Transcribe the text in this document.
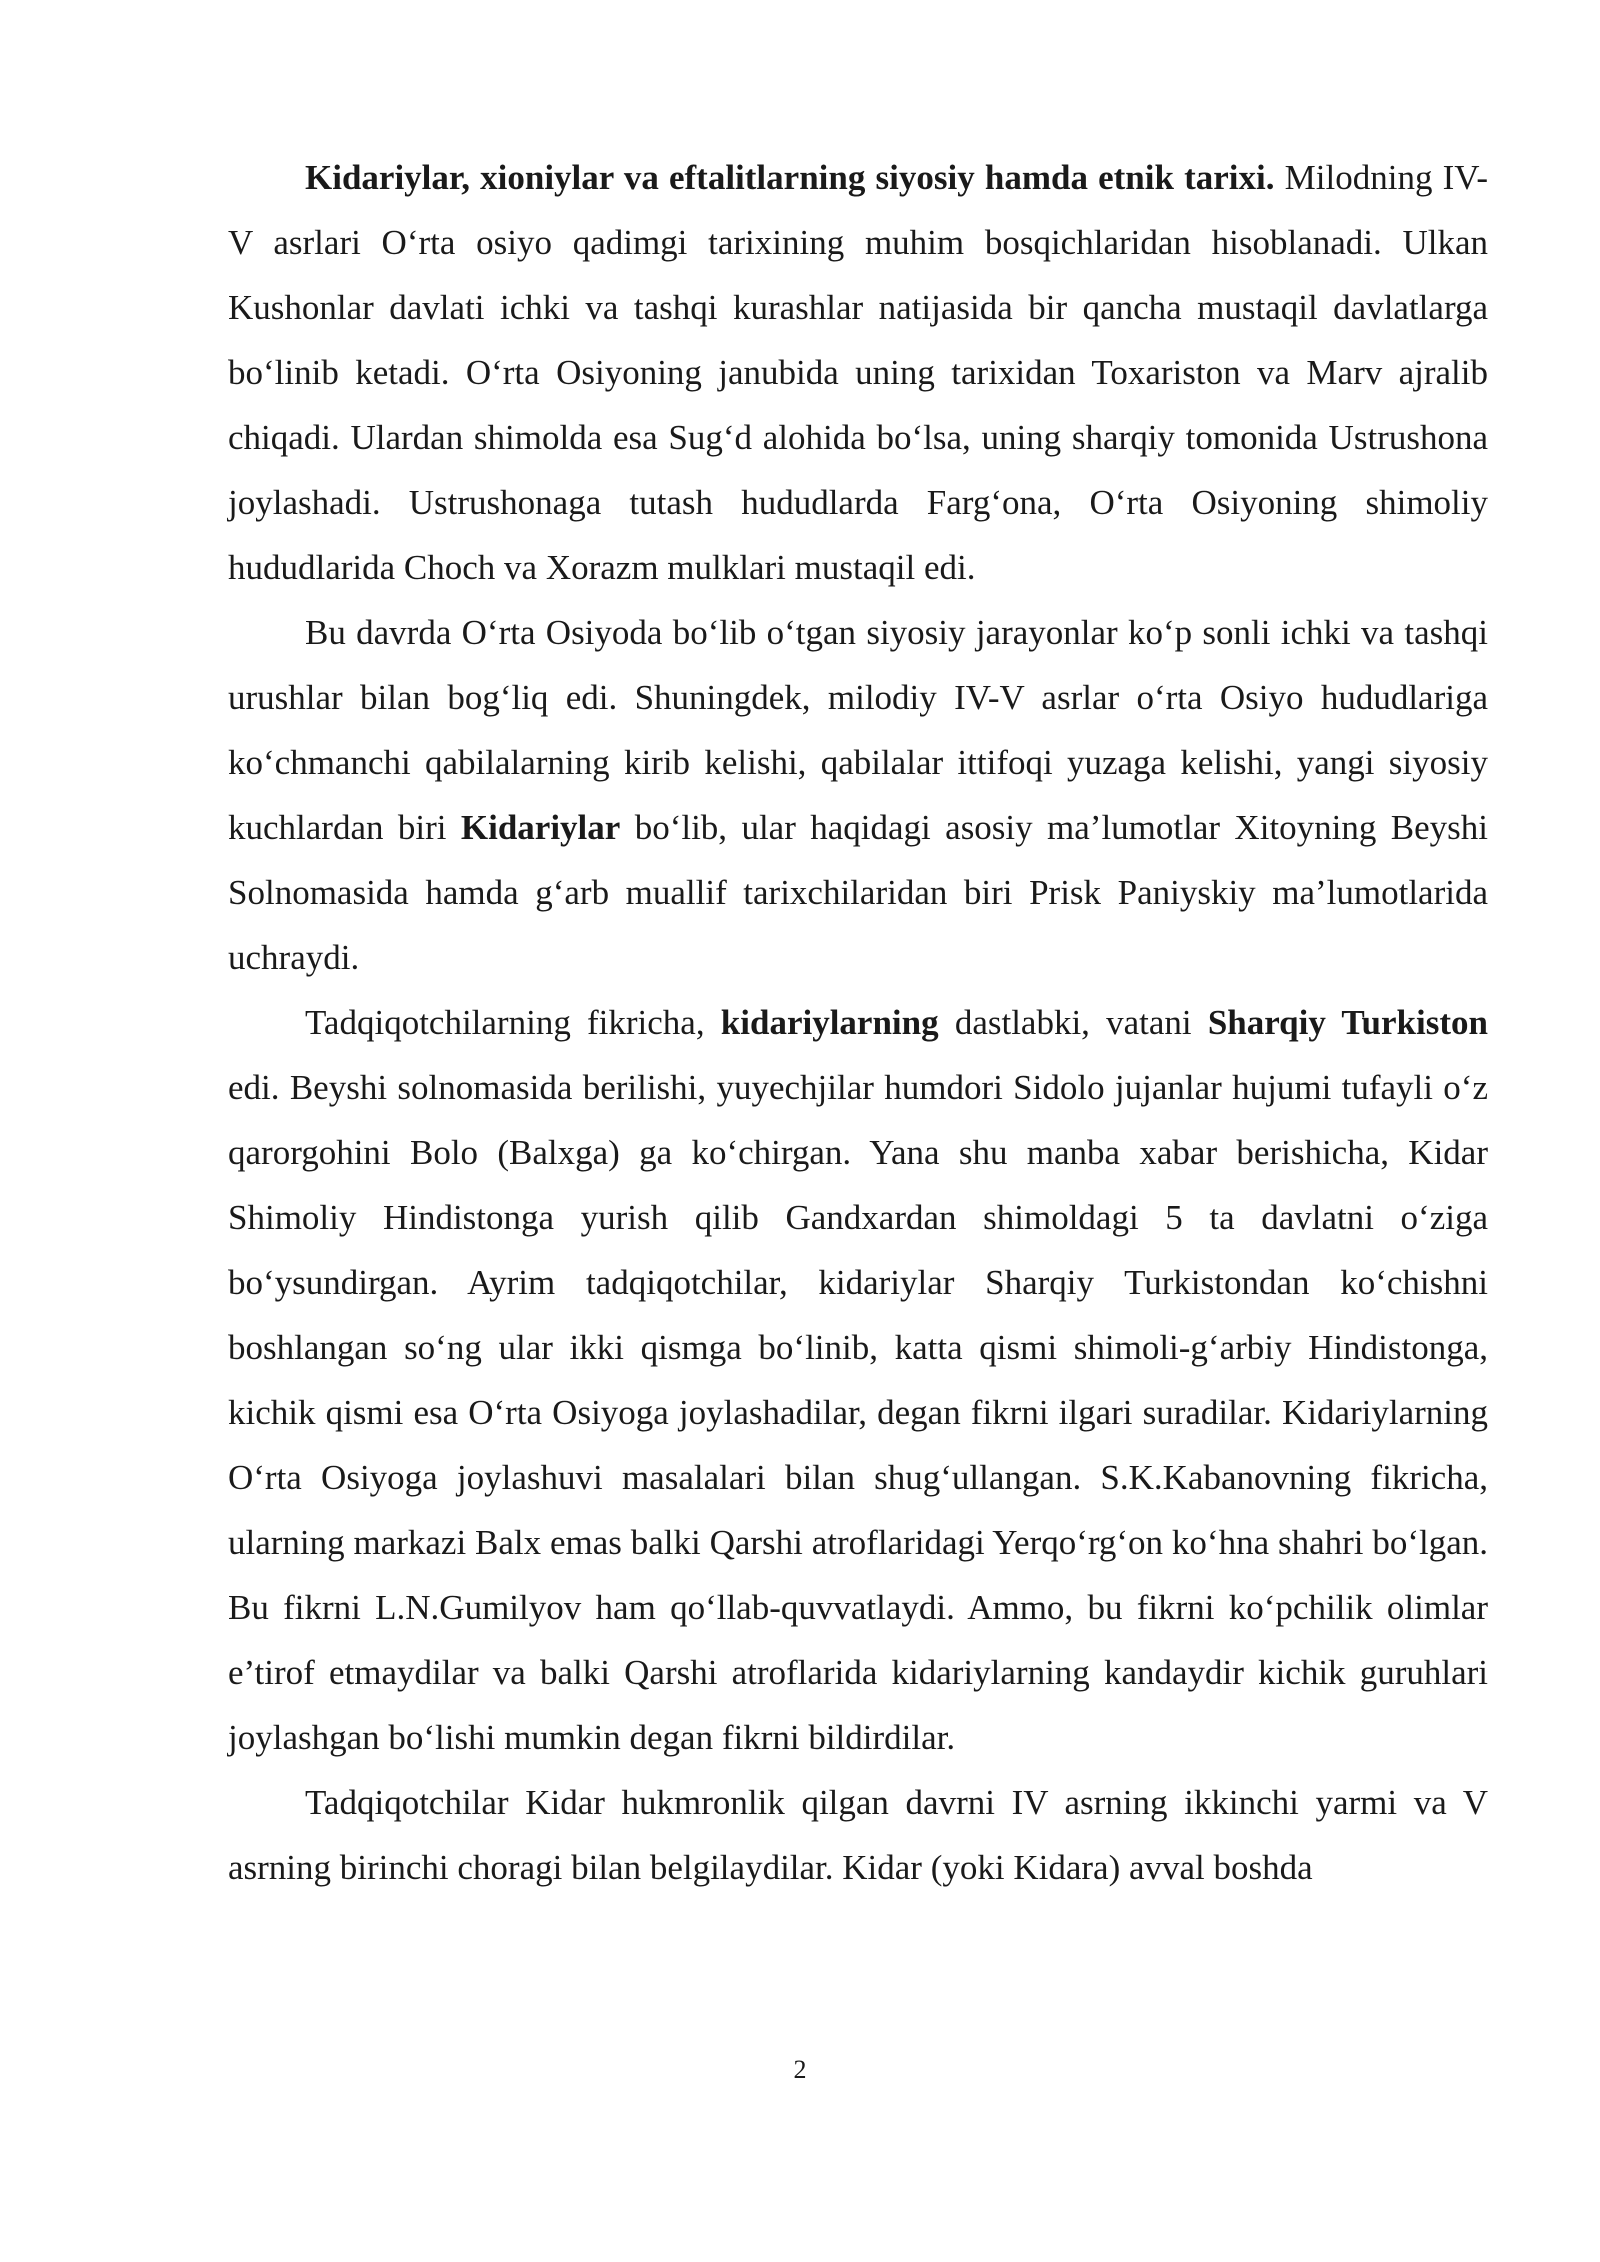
Kidariylar, xioniylar va eftalitlarning siyosiy hamda etnik tarixi. Milodning IV-V asrlari O‘rta osiyo qadimgi tarixining muhim bosqichlaridan hisoblanadi. Ulkan Kushonlar davlati ichki va tashqi kurashlar natijasida bir qancha mustaqil davlatlarga bo‘linib ketadi. O‘rta Osiyoning janubida uning tarixidan Toxariston va Marv ajralib chiqadi. Ulardan shimolda esa Sug‘d alohida bo‘lsa, uning sharqiy tomonida Ustrushona joylashadi. Ustrushonaga tutash hududlarda Farg‘ona, O‘rta Osiyoning shimoliy hududlarida Choch va Xorazm mulklari mustaqil edi.

Bu davrda O‘rta Osiyoda bo‘lib o‘tgan siyosiy jarayonlar ko‘p sonli ichki va tashqi urushlar bilan bog‘liq edi. Shuningdek, milodiy IV-V asrlar o‘rta Osiyo hududlariga ko‘chmanchi qabilalarning kirib kelishi, qabilalar ittifoqi yuzaga kelishi, yangi siyosiy kuchlardan biri Kidariylar bo‘lib, ular haqidagi asosiy ma’lumotlar Xitoyning Beyshi Solnomasida hamda g‘arb muallif tarixchilaridan biri Prisk Paniyskiy ma’lumotlarida uchraydi.

Tadqiqotchilarning fikricha, kidariylarning dastlabki, vatani Sharqiy Turkiston edi. Beyshi solnomasida berilishi, yuyechjilar humdori Sidolo jujanlar hujumi tufayli o‘z qarorgohini Bolo (Balxga) ga ko‘chirgan. Yana shu manba xabar berishicha, Kidar Shimoliy Hindistonga yurish qilib Gandxardan shimoldagi 5 ta davlatni o‘ziga bo‘ysundirgan. Ayrim tadqiqotchilar, kidariylar Sharqiy Turkistondan ko‘chishni boshlangan so‘ng ular ikki qismga bo‘linib, katta qismi shimoli-g‘arbiy Hindistonga, kichik qismi esa O‘rta Osiyoga joylashadilar, degan fikrni ilgari suradilar. Kidariylarning O‘rta Osiyoga joylashuvi masalalari bilan shug‘ullangan. S.K.Kabanovning fikricha, ularning markazi Balx emas balki Qarshi atroflaridagi Yerqo‘rg‘on ko‘hna shahri bo‘lgan. Bu fikrni L.N.Gumilyov ham qo‘llab-quvvatlaydi. Ammo, bu fikrni ko‘pchilik olimlar e’tirof etmaydilar va balki Qarshi atroflarida kidariylarning kandaydir kichik guruhlari joylashgan bo‘lishi mumkin degan fikrni bildirdilar.

Tadqiqotchilar Kidar hukmronlik qilgan davrni IV asrning ikkinchi yarmi va V asrning birinchi choragi bilan belgilaydilar. Kidar (yoki Kidara) avval boshda

2
